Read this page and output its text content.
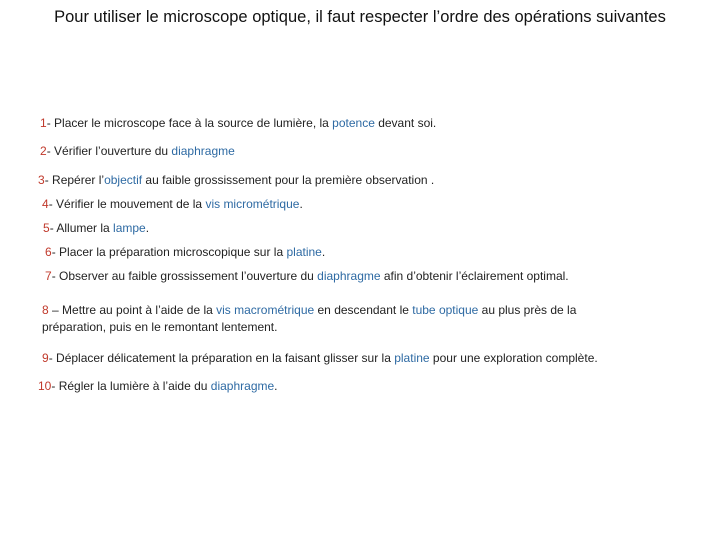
Pour utiliser le microscope optique, il faut respecter l’ordre des opérations suivantes
1- Placer le microscope face à la source de lumière, la potence devant soi.
2- Vérifier l’ouverture du diaphragme
3- Repérer l’objectif au faible grossissement pour la première observation .
4- Vérifier le mouvement de la vis micrométrique.
5- Allumer la lampe.
6- Placer la préparation microscopique sur la platine.
7- Observer au faible grossissement l’ouverture du diaphragme afin d’obtenir l’éclairement optimal.
8 – Mettre au point à l’aide de la vis macrométrique en descendant le tube optique au plus près de la préparation, puis en le remontant lentement.
9- Déplacer délicatement la préparation en la faisant glisser sur la platine pour une exploration complète.
10- Régler la lumière à l’aide du diaphragme.
